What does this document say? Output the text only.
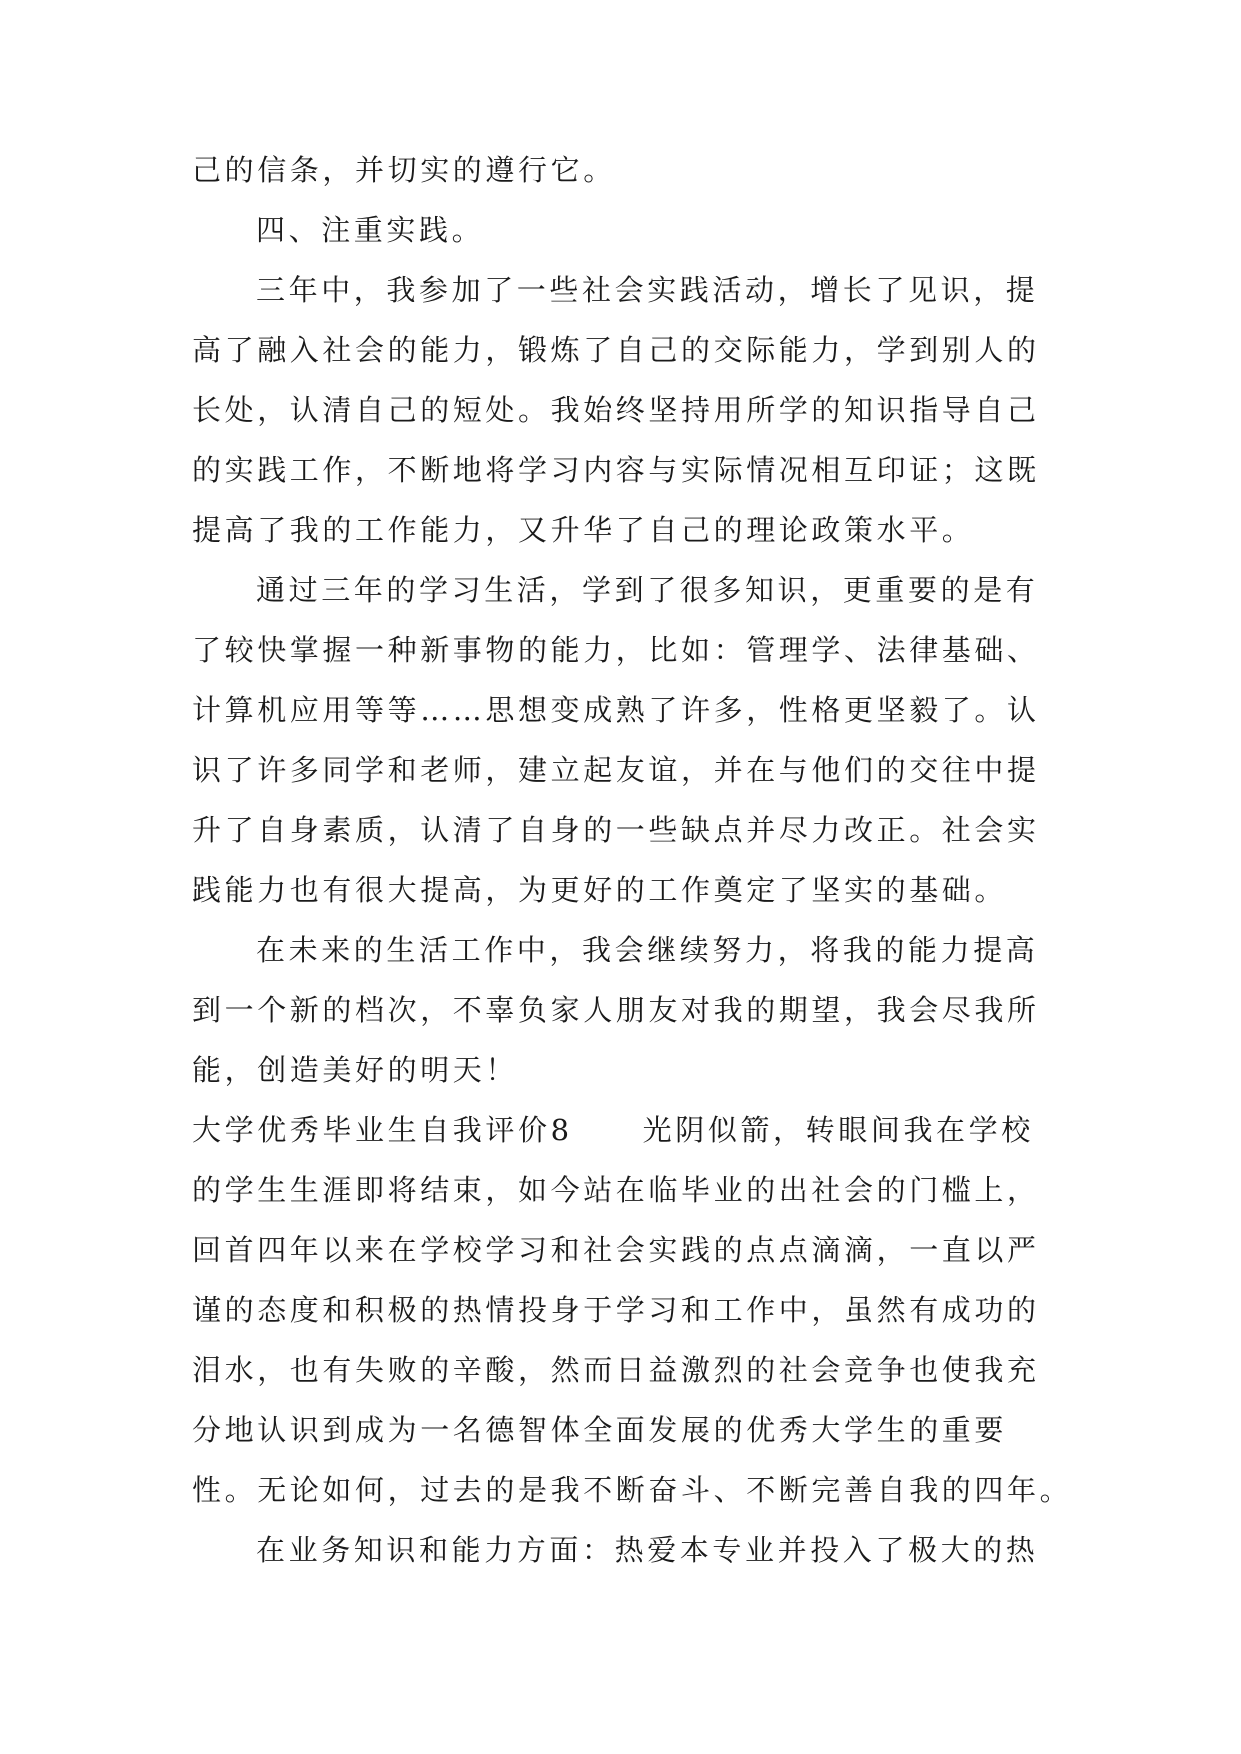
己的信条，并切实的遵行它。
四、注重实践。
三年中，我参加了一些社会实践活动，增长了见识，提
高了融入社会的能力，锻炼了自己的交际能力，学到别人的
长处，认清自己的短处。我始终坚持用所学的知识指导自己
的实践工作，不断地将学习内容与实际情况相互印证；这既
提高了我的工作能力，又升华了自己的理论政策水平。
通过三年的学习生活，学到了很多知识，更重要的是有
了较快掌握一种新事物的能力，比如：管理学、法律基础、
计算机应用等等……思想变成熟了许多，性格更坚毅了。认
识了许多同学和老师，建立起友谊，并在与他们的交往中提
升了自身素质，认清了自身的一些缺点并尽力改正。社会实
践能力也有很大提高，为更好的工作奠定了坚实的基础。
在未来的生活工作中，我会继续努力，将我的能力提高
到一个新的档次，不辜负家人朋友对我的期望，我会尽我所
能，创造美好的明天！
大学优秀毕业生自我评价8 光阴似箭，转眼间我在学校
的学生生涯即将结束，如今站在临毕业的出社会的门槛上，
回首四年以来在学校学习和社会实践的点点滴滴，一直以严
谨的态度和积极的热情投身于学习和工作中，虽然有成功的
泪水，也有失败的辛酸，然而日益激烈的社会竞争也使我充
分地认识到成为一名德智体全面发展的优秀大学生的重要
性。无论如何，过去的是我不断奋斗、不断完善自我的四年。
在业务知识和能力方面：热爱本专业并投入了极大的热
